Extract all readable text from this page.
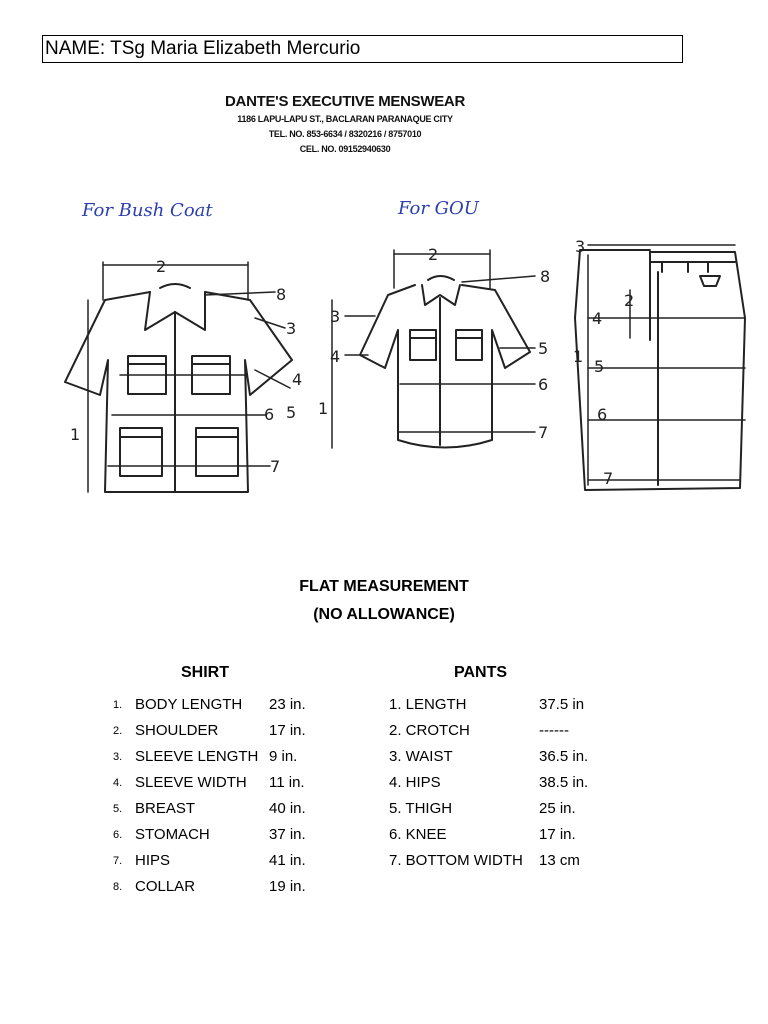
NAME: TSg Maria Elizabeth Mercurio
DANTE'S EXECUTIVE MENSWEAR
1186 LAPU-LAPU ST., BACLARAN PARANAQUE CITY
TEL. NO. 853-6634 / 8320216 / 8757010
CEL. NO. 09152940630
For Bush Coat	For GOU
2
1
8
3
4
5
6
7
2
1
8
3
4	5
6
7
3
2
4
1
5
6
7
FLAT MEASUREMENT
(NO ALLOWANCE)
SHIRT	PANTS
1. BODY LENGTH 23 in.
2. SHOULDER	17 in.
3. SLEEVE LENGTH 9 in.
4. SLEEVE WIDTH 11 in.
5. BREAST	40 in.
6. STOMACH	37 in.
7. HIPS	41 in.
8. COLLAR	19 in.
1. LENGTH	37.5 in
2. CROTCH	------
3. WAIST	36.5 in.
4. HIPS	38.5 in.
5. THIGH	25 in.
6. KNEE	17 in.
7. BOTTOM WIDTH 13 cm
